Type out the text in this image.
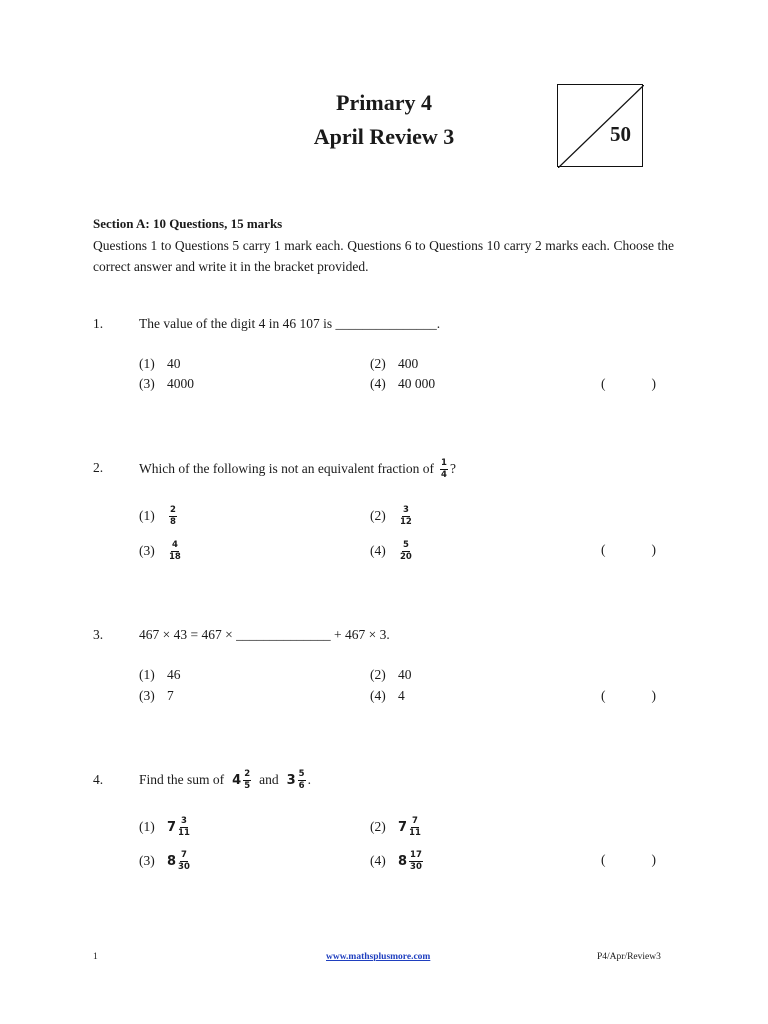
Primary 4
April Review 3	50
Section A: 10 Questions, 15 marks
Questions 1 to Questions 5 carry 1 mark each. Questions 6 to Questions 10 carry 2 marks each. Choose the correct answer and write it in the bracket provided.
1.	The value of the digit 4 in 46 107 is _______________.
(1) 40	(2) 400
(3) 4000	(4) 40 000	(	)
2.	Which of the following is not an equivalent fraction of $\frac{1}{4}$ ?
(1)	$\frac{2}{8}$	(2)	$\frac{3}{12}$
(3)	$\frac{4}{18}$	(4)	$\frac{5}{20}$	(	)
3.	467 × 43 = 467 × ______________ + 467 × 3.
(1) 46	(2) 40
(3) 7	(4) 4	(	)
4.	Find the sum of $4 \frac{2}{5}$ and $3 \frac{5}{6}$ .
(1) $7 \frac{3}{11}$	(2) $7 \frac{7}{11}$
(3) $8 \frac{7}{30}$	(4) $8 \frac{17}{30}$	(	)
1	www.mathsplusmore.com	P4/Apr/Review3
